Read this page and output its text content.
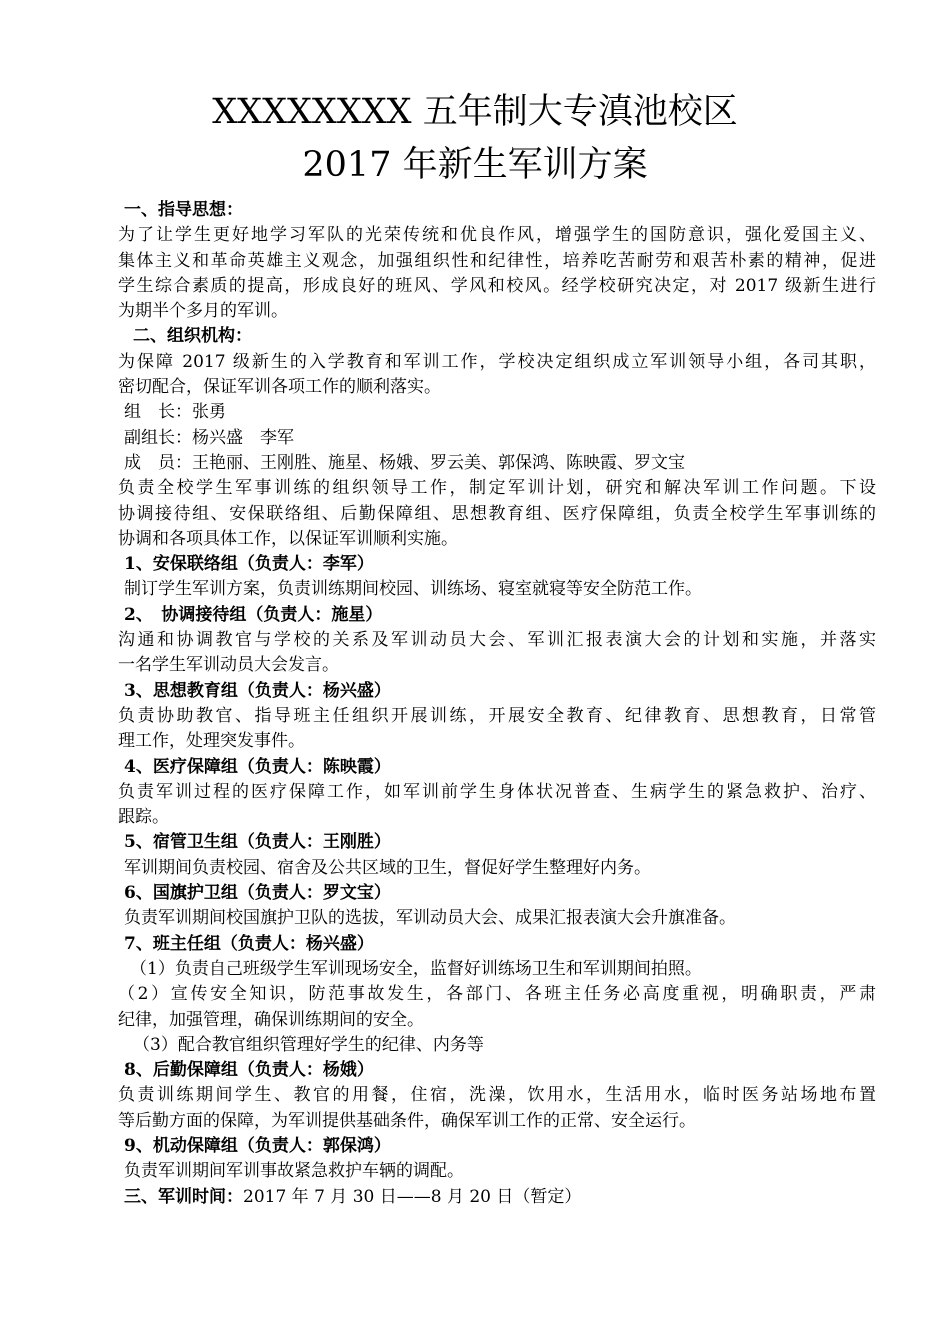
XXXXXXXX 五年制大专滇池校区
2017 年新生军训方案
一、指导思想：
为了让学生更好地学习军队的光荣传统和优良作风，增强学生的国防意识，强化爱国主义、
集体主义和革命英雄主义观念，加强组织性和纪律性，培养吃苦耐劳和艰苦朴素的精神，促进
学生综合素质的提高，形成良好的班风、学风和校风。经学校研究决定，对 2017 级新生进行
为期半个多月的军训。
二、组织机构：
为保障 2017 级新生的入学教育和军训工作，学校决定组织成立军训领导小组，各司其职，
密切配合，保证军训各项工作的顺利落实。
组　长：张勇
副组长：杨兴盛　李军
成　员：王艳丽、王刚胜、施星、杨娥、罗云美、郭保鸿、陈映霞、罗文宝
负责全校学生军事训练的组织领导工作，制定军训计划，研究和解决军训工作问题。下设
协调接待组、安保联络组、后勤保障组、思想教育组、医疗保障组，负责全校学生军事训练的
协调和各项具体工作，以保证军训顺利实施。
1、安保联络组（负责人：李军）
制订学生军训方案，负责训练期间校园、训练场、寝室就寝等安全防范工作。
2、　协调接待组（负责人：施星）
沟通和协调教官与学校的关系及军训动员大会、军训汇报表演大会的计划和实施，并落实
一名学生军训动员大会发言。
3、思想教育组（负责人：杨兴盛）
负责协助教官、指导班主任组织开展训练，开展安全教育、纪律教育、思想教育，日常管
理工作，处理突发事件。
4、医疗保障组（负责人：陈映霞）
负责军训过程的医疗保障工作，如军训前学生身体状况普查、生病学生的紧急救护、治疗、
跟踪。
5、宿管卫生组（负责人：王刚胜）
军训期间负责校园、宿舍及公共区域的卫生，督促好学生整理好内务。
6、国旗护卫组（负责人：罗文宝）
负责军训期间校国旗护卫队的选拔，军训动员大会、成果汇报表演大会升旗准备。
7、班主任组（负责人：杨兴盛）
（1）负责自己班级学生军训现场安全，监督好训练场卫生和军训期间拍照。
（2）宣传安全知识，防范事故发生，各部门、各班主任务必高度重视，明确职责，严肃
纪律，加强管理，确保训练期间的安全。
（3）配合教官组织管理好学生的纪律、内务等
8、后勤保障组（负责人：杨娥）
负责训练期间学生、教官的用餐，住宿，洗澡，饮用水，生活用水，临时医务站场地布置
等后勤方面的保障，为军训提供基础条件，确保军训工作的正常、安全运行。
9、机动保障组（负责人：郭保鸿）
负责军训期间军训事故紧急救护车辆的调配。
三、军训时间：2017 年 7 月 30 日——8 月 20 日（暂定）
